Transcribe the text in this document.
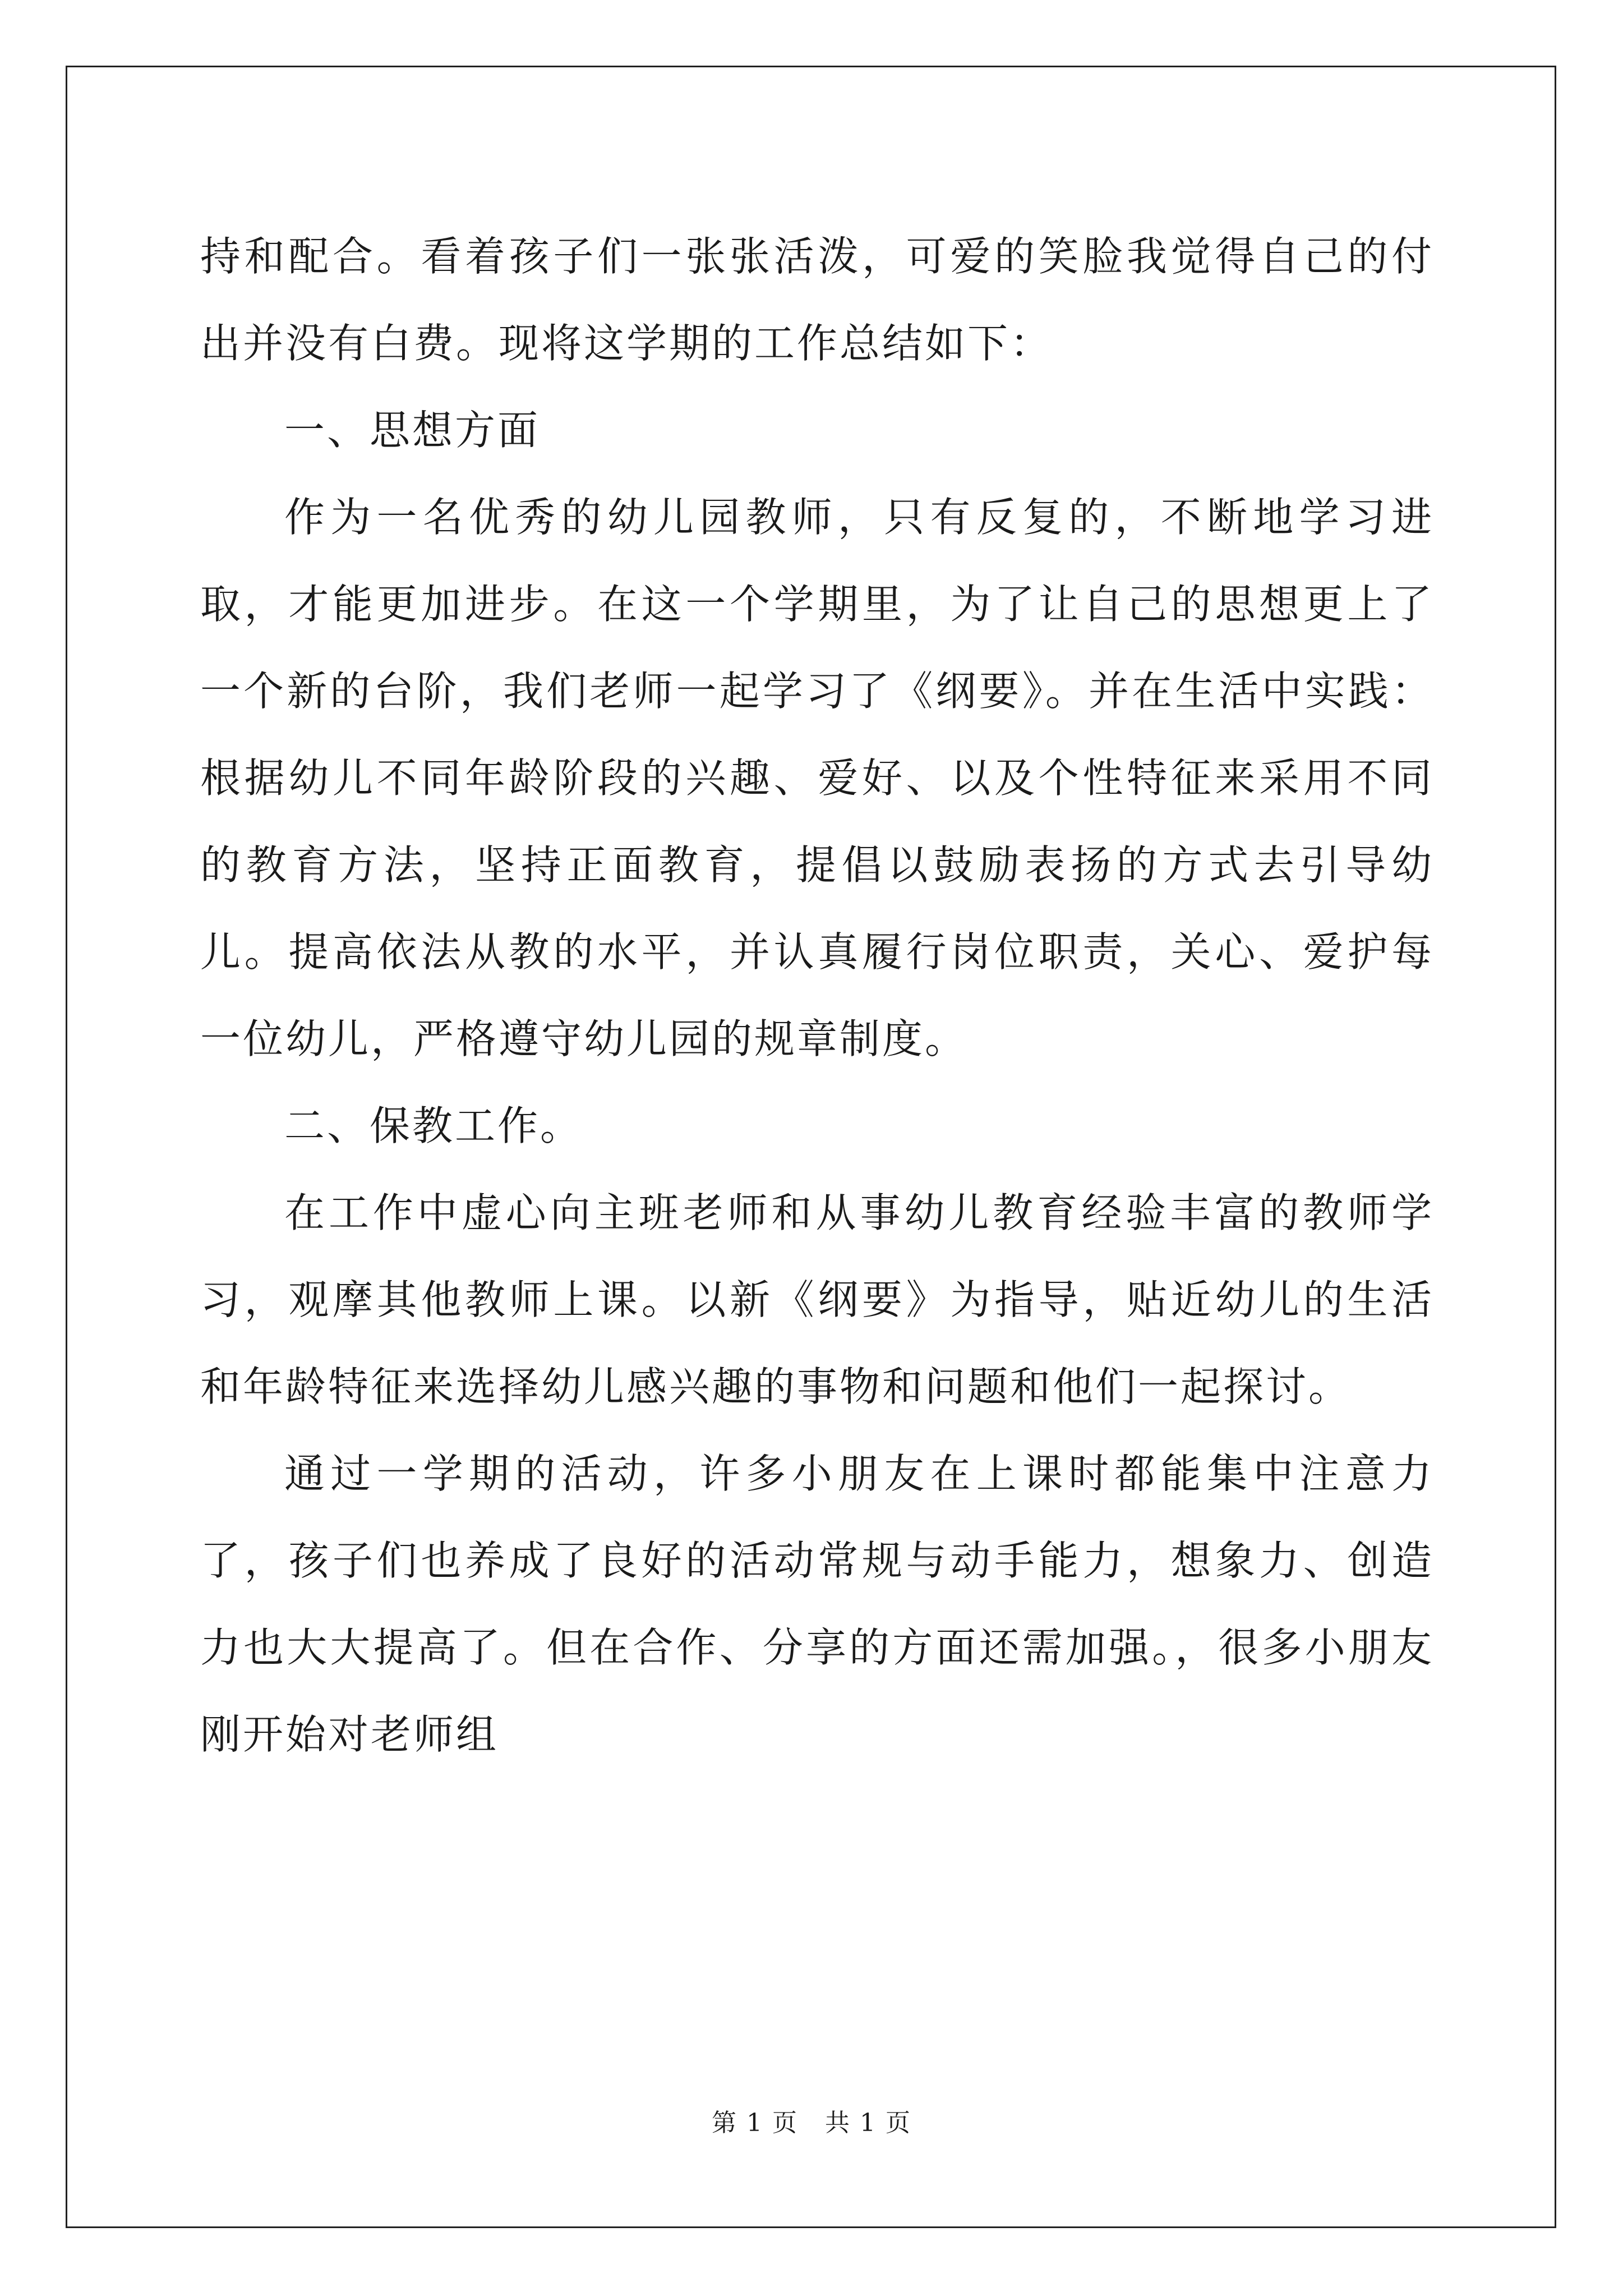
持和配合。看着孩子们一张张活泼，可爱的笑脸我觉得自己的付出并没有白费。现将这学期的工作总结如下：

一、思想方面

作为一名优秀的幼儿园教师，只有反复的，不断地学习进取，才能更加进步。在这一个学期里，为了让自己的思想更上了一个新的台阶，我们老师一起学习了《纲要》。并在生活中实践：根据幼儿不同年龄阶段的兴趣、爱好、以及个性特征来采用不同的教育方法，坚持正面教育，提倡以鼓励表扬的方式去引导幼儿。提高依法从教的水平，并认真履行岗位职责，关心、爱护每一位幼儿，严格遵守幼儿园的规章制度。

二、保教工作。

在工作中虚心向主班老师和从事幼儿教育经验丰富的教师学习，观摩其他教师上课。以新《纲要》为指导，贴近幼儿的生活和年龄特征来选择幼儿感兴趣的事物和问题和他们一起探讨。

通过一学期的活动，许多小朋友在上课时都能集中注意力了，孩子们也养成了良好的活动常规与动手能力，想象力、创造力也大大提高了。但在合作、分享的方面还需加强。，很多小朋友刚开始对老师组

第 1 页 共 1 页
